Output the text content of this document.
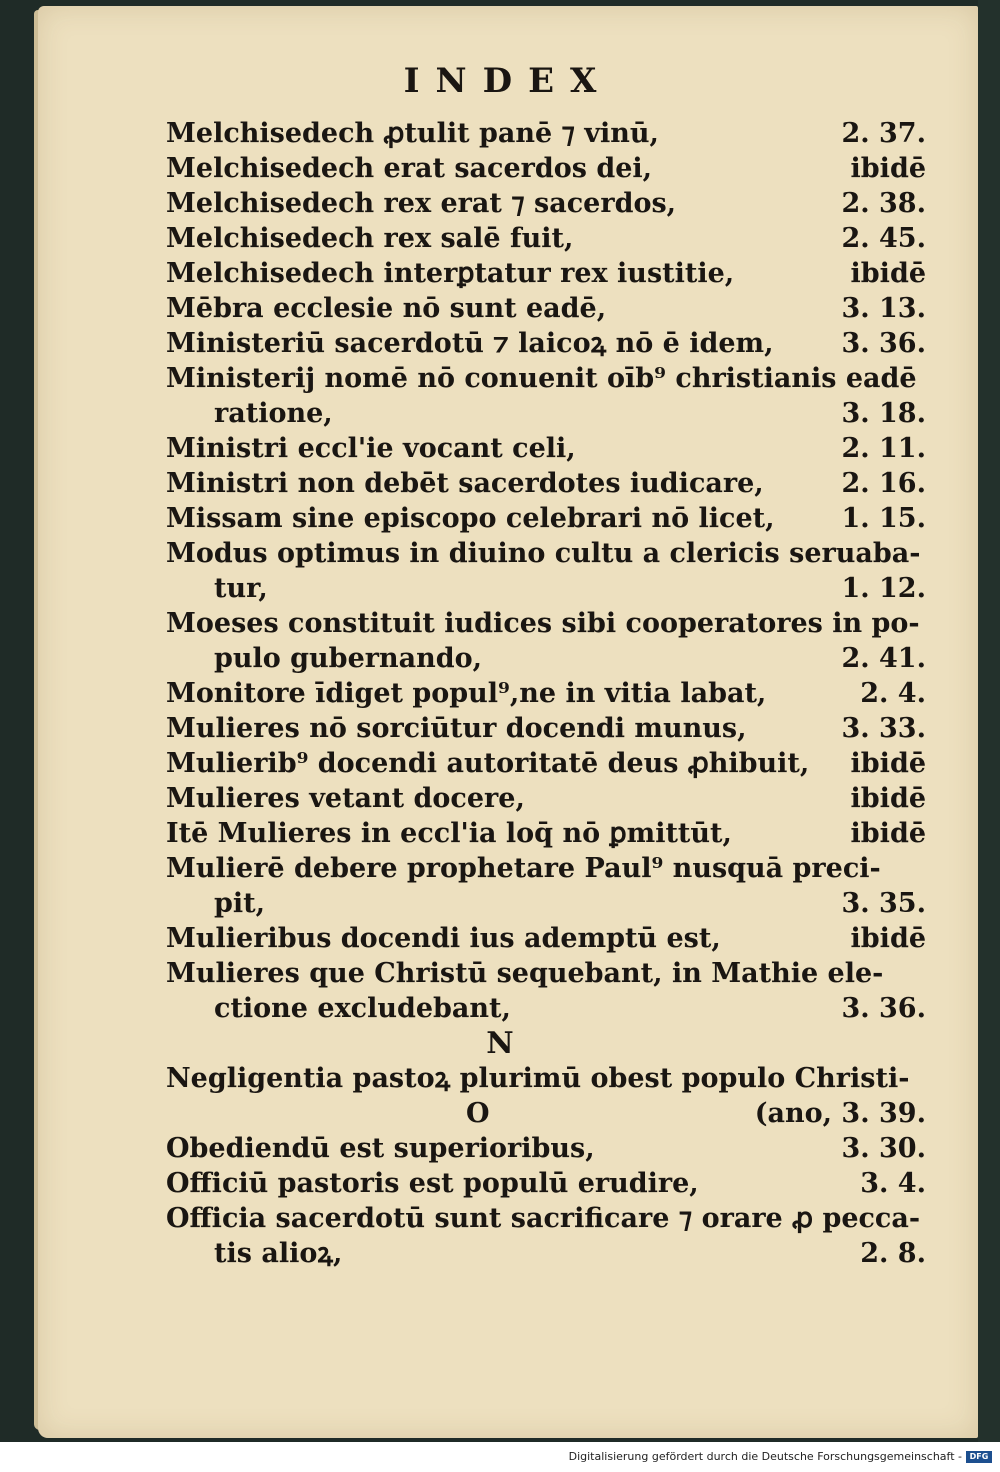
INDEX
Melchisedech ꝓtulit panē ⁊ vinū,	2. 37.
Melchisedech erat sacerdos dei,	ibidē
Melchisedech rex erat ⁊ sacerdos,	2. 38.
Melchisedech rex salē fuit,	2. 45.
Melchisedech interꝑtatur rex iustitie,	ibidē
Mēbra ecclesie nō sunt eadē,	3. 13.
Ministeriū sacerdotū ⁊ laicoꝝ nō ē idem,	3. 36.
Ministerij nomē nō conuenit oīb⁹ christianis eadē
ratione,	3. 18.
Ministri eccl'ie vocant celi,	2. 11.
Ministri non debēt sacerdotes iudicare,	2. 16.
Missam sine episcopo celebrari nō licet, 1. 15.
Modus optimus in diuino cultu a clericis seruaba-
tur,	1. 12.
Moeses constituit iudices sibi cooperatores in po-
pulo gubernando,	2. 41.
Monitore īdiget popul⁹,ne in vitia labat,	2. 4.
Mulieres nō sorciūtur docendi munus,	3. 33.
Mulierib⁹ docendi autoritatē deus ꝓhibuit, ibidē
Mulieres vetant docere,	ibidē
Itē Mulieres in eccl'ia loq̄ nō ꝑmittūt,	ibidē
Mulierē debere prophetare Paul⁹ nusquā preci-
pit,	3. 35.
Mulieribus docendi ius ademptū est,	ibidē
Mulieres que Christū sequebant, in Mathie ele-
ctione excludebant,	3. 36.
N
Negligentia pastoꝝ plurimū obest populo Christi-
O	(ano, 3. 39.
Obediendū est superioribus,	3. 30.
Officiū pastoris est populū erudire,	3. 4.
Officia sacerdotū sunt sacrificare ⁊ orare ꝓ pecca-
tis alioꝝ,	2. 8.
Digitalisierung gefördert durch die Deutsche Forschungsgemeinschaft - DFG
